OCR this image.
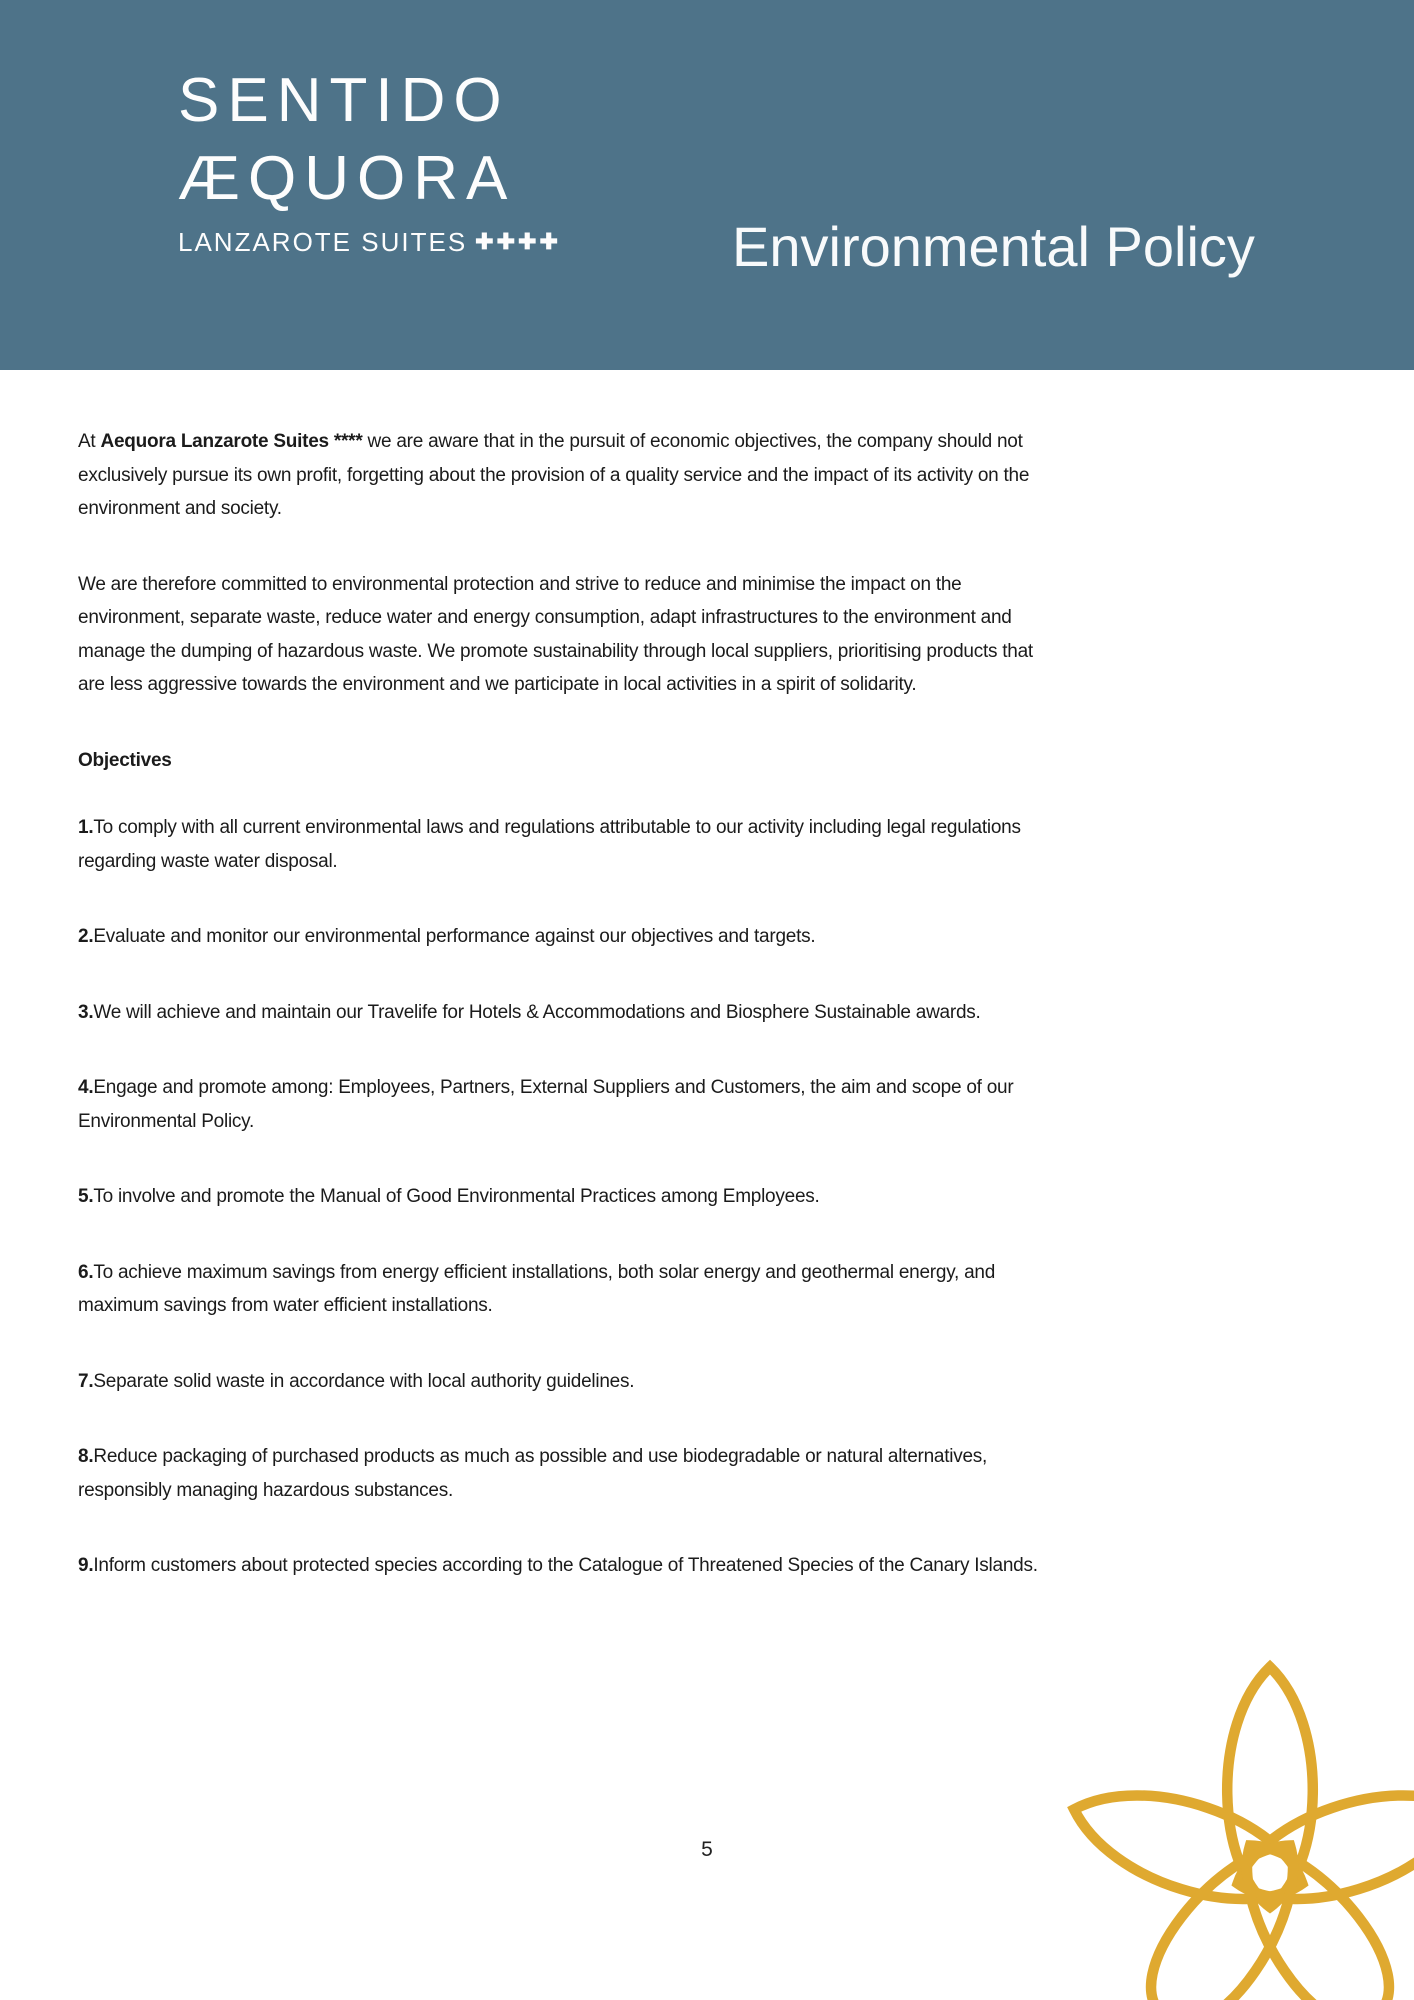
SENTIDO
ÆQUORA
LANZAROTE SUITES ✚✚✚✚	Environmental Policy

At Aequora Lanzarote Suites **** we are aware that in the pursuit of economic objectives, the company should not exclusively pursue its own profit, forgetting about the provision of a quality service and the impact of its activity on the environment and society.

We are therefore committed to environmental protection and strive to reduce and minimise the impact on the environment, separate waste, reduce water and energy consumption, adapt infrastructures to the environment and manage the dumping of hazardous waste. We promote sustainability through local suppliers, prioritising products that are less aggressive towards the environment and we participate in local activities in a spirit of solidarity.

Objectives

1.To comply with all current environmental laws and regulations attributable to our activity including legal regulations regarding waste water disposal.

2.Evaluate and monitor our environmental performance against our objectives and targets.

3.We will achieve and maintain our Travelife for Hotels & Accommodations and Biosphere Sustainable awards.

4.Engage and promote among: Employees, Partners, External Suppliers and Customers, the aim and scope of our Environmental Policy.

5.To involve and promote the Manual of Good Environmental Practices among Employees.

6.To achieve maximum savings from energy efficient installations, both solar energy and geothermal energy, and maximum savings from water efficient installations.

7.Separate solid waste in accordance with local authority guidelines.

8.Reduce packaging of purchased products as much as possible and use biodegradable or natural alternatives, responsibly managing hazardous substances.

9.Inform customers about protected species according to the Catalogue of Threatened Species of the Canary Islands.

5
